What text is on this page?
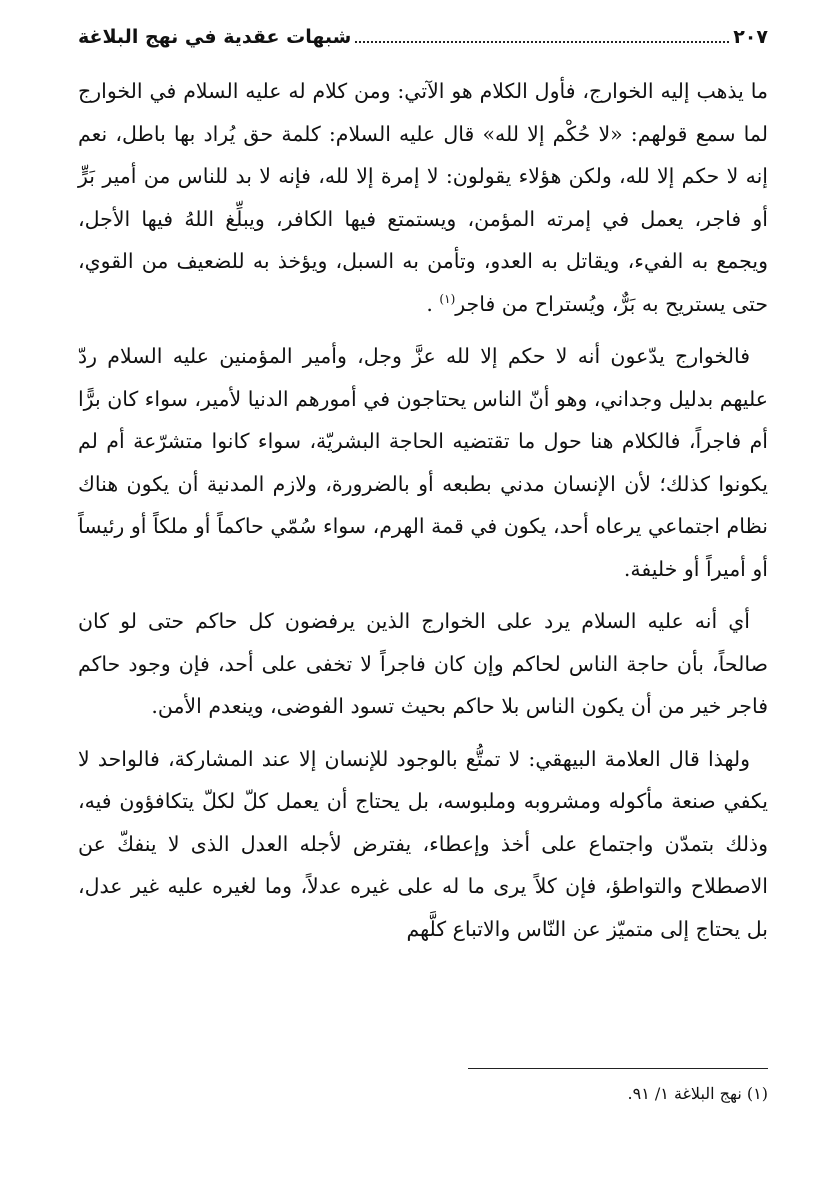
شبهات عقدية في نهج البلاغة	٢٠٧

ما يذهب إليه الخوارج، فأول الكلام هو الآتي: ومن كلام له عليه السلام في الخوارج لما سمع قولهم: «لا حُكْم إلا لله» قال عليه السلام: كلمة حق يُراد بها باطل، نعم إنه لا حكم إلا لله، ولكن هؤلاء يقولون: لا إمرة إلا لله، فإنه لا بد للناس من أمير بَرٍّ أو فاجر، يعمل في إمرته المؤمن، ويستمتع فيها الكافر، ويبلِّغ اللهُ فيها الأجل، ويجمع به الفيء، ويقاتل به العدو، وتأمن به السبل، ويؤخذ به للضعيف من القوي، حتى يستريح به بَرٌّ، ويُستراح من فاجر$^{(١)}$ .

فالخوارج يدّعون أنه لا حكم إلا لله عزَّ وجل، وأمير المؤمنين عليه السلام ردّ عليهم بدليل وجداني، وهو أنّ الناس يحتاجون في أمورهم الدنيا لأمير، سواء كان برًّا أم فاجراً، فالكلام هنا حول ما تقتضيه الحاجة البشريّة، سواء كانوا متشرّعة أم لم يكونوا كذلك؛ لأن الإنسان مدني بطبعه أو بالضرورة، ولازم المدنية أن يكون هناك نظام اجتماعي يرعاه أحد، يكون في قمة الهرم، سواء سُمّي حاكماً أو ملكاً أو رئيساً أو أميراً أو خليفة.

أي أنه عليه السلام يرد على الخوارج الذين يرفضون كل حاكم حتى لو كان صالحاً، بأن حاجة الناس لحاكم وإن كان فاجراً لا تخفى على أحد، فإن وجود حاكم فاجر خير من أن يكون الناس بلا حاكم بحيث تسود الفوضى، وينعدم الأمن.

ولهذا قال العلامة البيهقي: لا تمتُّع بالوجود للإنسان إلا عند المشاركة، فالواحد لا يكفي صنعة مأكوله ومشروبه وملبوسه، بل يحتاج أن يعمل كلّ لكلّ يتكافؤون فيه، وذلك بتمدّن واجتماع على أخذ وإعطاء، يفترض لأجله العدل الذى لا ينفكّ عن الاصطلاح والتواطؤ، فإن كلاً يرى ما له على غيره عدلاً، وما لغيره عليه غير عدل، بل يحتاج إلى متميّز عن النّاس والاتباع كلَّهم

(١) نهج البلاغة ١/ ٩١.
